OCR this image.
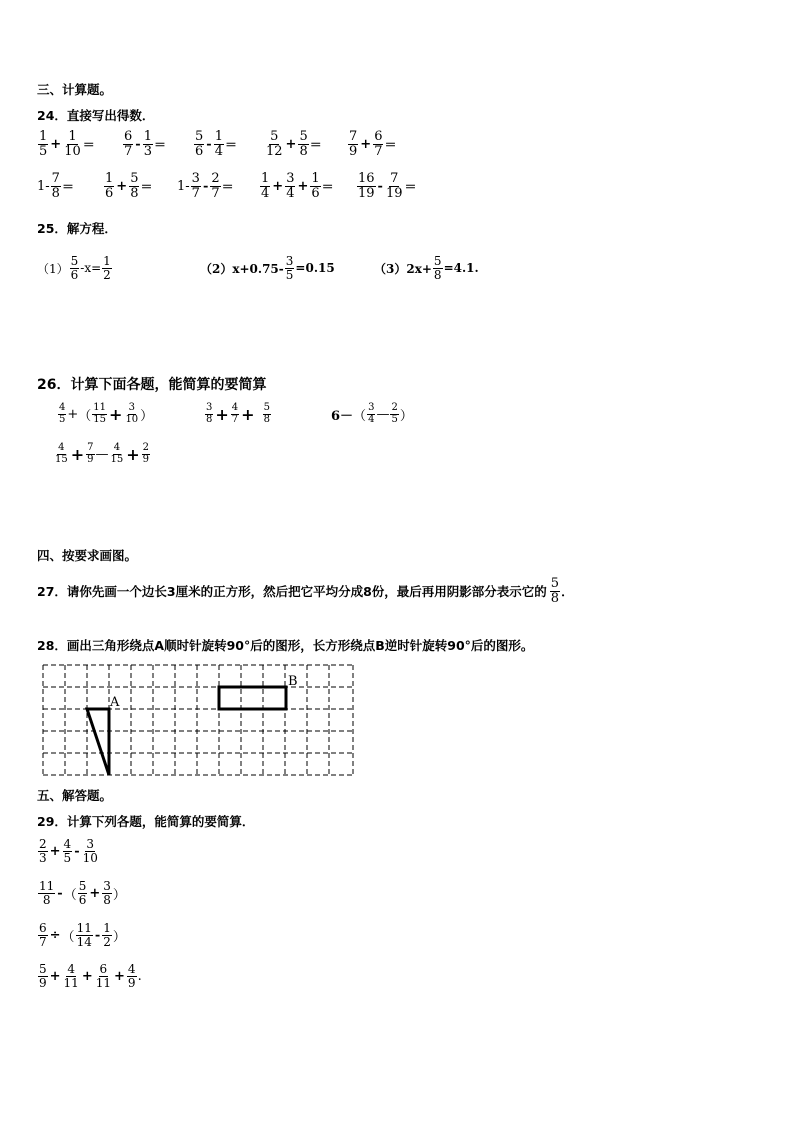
三、计算题。
24．直接写出得数．
1
$5 + \frac{1}{10}$ ＝
6
7 -
1
3 ＝
5
6 -
1
4 ＝
5
$12 + \frac{5}{8}$ ＝
7
$9 + \frac{6}{7}$ ＝
1-
7
8 ＝
1
$6 + \frac{5}{8} = 1-$
3
7 -
2
7 ＝
1
$4 + \frac{3}{4} + \frac{1}{6}$ ＝
16
19 -
7
19 ＝
25．解方程．
（1）
5
6 $-x= \frac{1}{2}$	$(2)x+0.75- \frac{3}{5} =0.15$	$(3)2x+ \frac{5}{8} =4.1$.
26．计算下面各题，能简算的要简算
4
5 + （
11
$15 + \frac{3}{10}$ ）
3
$8 + \frac{4}{7} + 5$
8	6－ （
3
4 — 2
5 ）
4
$15 + \frac{7}{9}$ — 4
$15 + \frac{2}{9}$
四、按要求画图。
27．请你先画一个边长3厘米的正方形，然后把它平均分成8份，最后再用阴影部分表示它的
5
8 ．
28．画出三角形绕点A顺时针旋转90°后的图形，长方形绕点B逆时针旋转90°后的图形。
A
B
五、解答题。
29．计算下列各题，能简算的要简算．
2
$3 + \frac{4}{5} - 3$
10
11
8 - （
5
$6 + \frac{3}{8}$ ）
$\frac{6}{7}$ ÷ （
11
14 - 1
2 ）
5
$9 + \frac{4}{11} + \frac{6}{11} + \frac{4}{9}$ .
